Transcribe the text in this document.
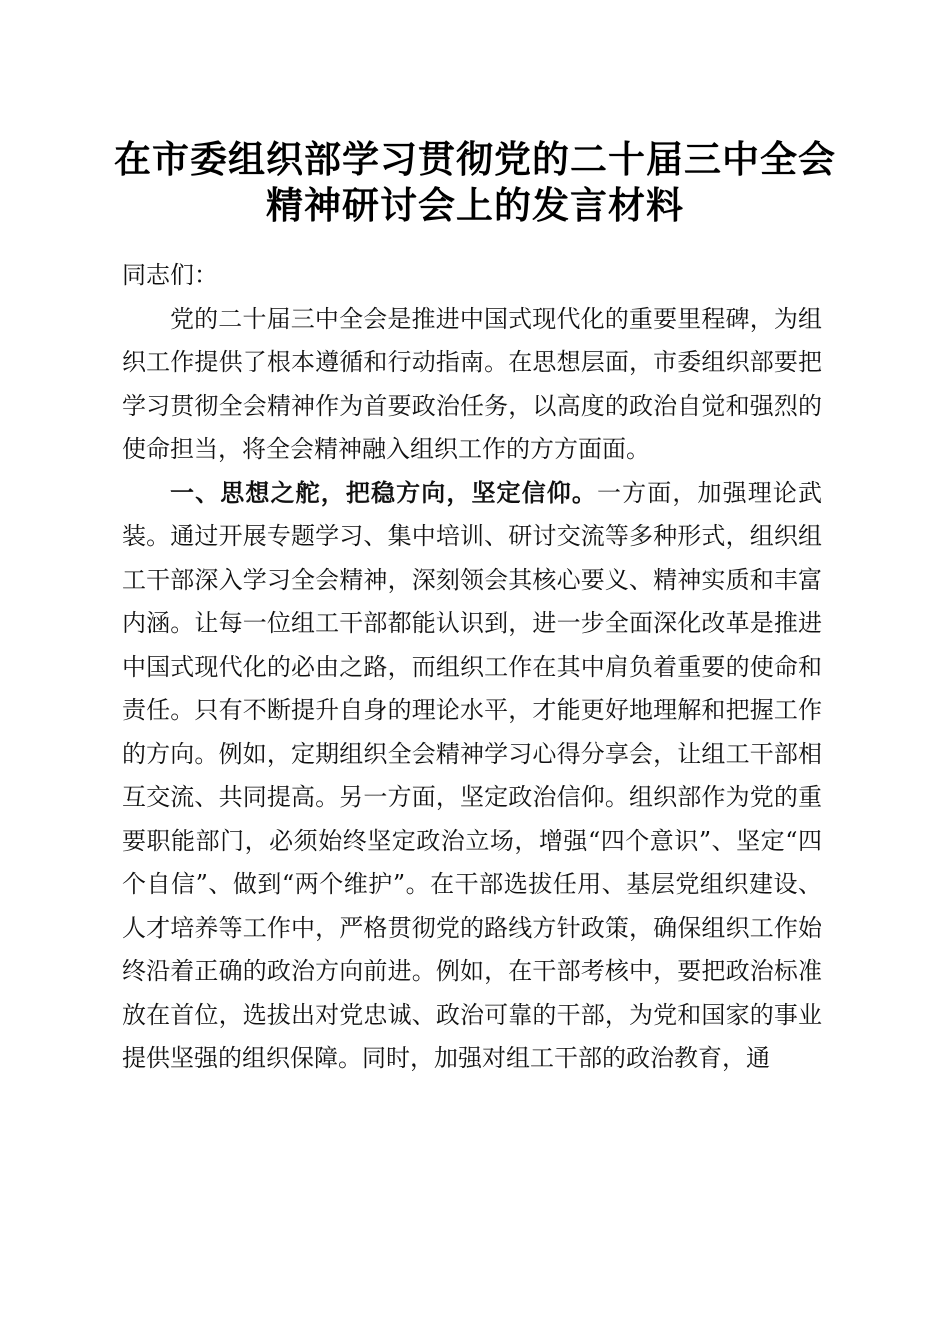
在市委组织部学习贯彻党的二十届三中全会精神研讨会上的发言材料

同志们：

党的二十届三中全会是推进中国式现代化的重要里程碑，为组织工作提供了根本遵循和行动指南。在思想层面，市委组织部要把学习贯彻全会精神作为首要政治任务，以高度的政治自觉和强烈的使命担当，将全会精神融入组织工作的方方面面。

一、思想之舵，把稳方向，坚定信仰。一方面，加强理论武装。通过开展专题学习、集中培训、研讨交流等多种形式，组织组工干部深入学习全会精神，深刻领会其核心要义、精神实质和丰富内涵。让每一位组工干部都能认识到，进一步全面深化改革是推进中国式现代化的必由之路，而组织工作在其中肩负着重要的使命和责任。只有不断提升自身的理论水平，才能更好地理解和把握工作的方向。例如，定期组织全会精神学习心得分享会，让组工干部相互交流、共同提高。另一方面，坚定政治信仰。组织部作为党的重要职能部门，必须始终坚定政治立场，增强“四个意识”、坚定“四个自信”、做到“两个维护”。在干部选拔任用、基层党组织建设、人才培养等工作中，严格贯彻党的路线方针政策，确保组织工作始终沿着正确的政治方向前进。例如，在干部考核中，要把政治标准放在首位，选拔出对党忠诚、政治可靠的干部，为党和国家的事业提供坚强的组织保障。同时，加强对组工干部的政治教育，通
